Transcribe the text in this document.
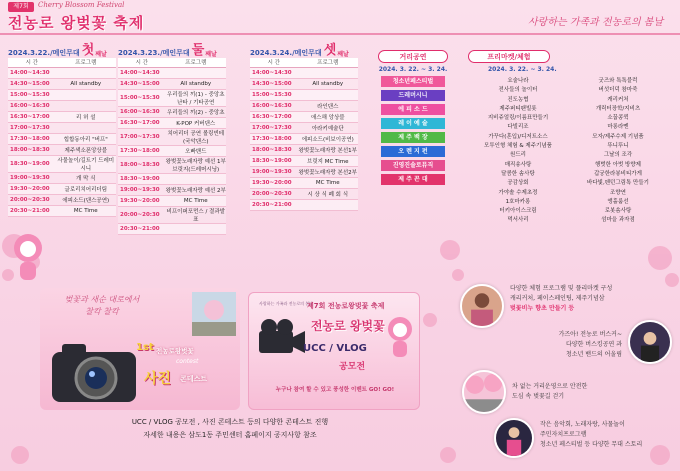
제7회	Cherry Blossom Festival
전농로 왕벚꽃 축제	사랑하는 가족과 전농로의 봄날
2024.3.22./메인무대 첫 째날
시 간	프로그램
14:00~14:30	
14:30~15:00	All standby
15:00~15:30	
16:00~16:30	
16:30~17:00	리 허 설
17:00~17:30	
17:30~18:00	힙합동아리 "버프"
18:00~18:30	제주색소폰앙상블
18:30~19:00	사물놀이/길트기 드레미시니
19:00~19:30	개 막 식
19:30~20:00	글로리치어리더팀
20:00~20:30	에피소드(댄스공연)
20:30~21:00	MC Time
2024.3.23./메인무대 둘 째날
시 간	프로그램
14:00~14:30	
14:30~15:00	All standby
15:00~15:30	우리들의 끼(1) - 중앙초 난타 / 기타공연
16:00~16:30	우리들의 끼(2) - 중앙초
16:30~17:00	K-POP 커버댄스
17:00~17:30	치어리더 공연 볼링빈테(국악댄스)
17:30~18:00	오빠밴드
18:00~18:30	왕벚꽃노래자랑 예선 1부 브릿지(드레머시닝)
18:30~19:00	
19:00~19:30	왕벚꽃노래자랑 예선 2부
19:30~20:00	MC Time
20:00~20:30	비프이퍼포먼스 / 결과발표
20:30~21:00	
2024.3.24./메인무대 셋 째날
시 간	프로그램
14:00~14:30	
14:30~15:00	All standby
15:00~15:30	
16:00~16:30	라인댄스
16:30~17:00	애스해 앙상블
17:00~17:30	아라키예술단
17:30~18:00	에피소드(비보이공연)
18:00~18:30	왕벚꽃노래자랑 본선1부
18:30~19:00	브릿지 MC Time
19:00~19:30	왕벚꽃노래자랑 본선2부
19:30~20:00	MC Time
20:00~20:30	시 상 식 폐 회 식
20:30~21:00	
거리공연
2024. 3. 22. ~ 3. 24.
청소년페스티벌
드레머시니
에 피 소 드
레 이 예 술
제 주 백 장
오 렌 지 펀
진영진솔로뮤직
제 주 꼰 대
프리마켓/체험
2024. 3. 22. ~ 3. 24.
요술나라
전사들의 놀이터
진도농협
제주퍼티팬빌롯
지비쥬얼링/이름표만들기
다빌리조
가꾸다(혼입)/디저트소스
모투인형 체험 & 제주기념품
원드리
매직송사탕
달콤한 솜사탕
공감상회
가야솔 수제초정
1호마카롱
터키아이스크림
먹서사리
굿즈와 톡톡블럭
버섯더덕 참마죽
캐리커처
개릭터장학/지비츠
소꿉콩퀵
마롱라멘
모자/제주수제 기념품
뚜니뚜니
그날의 조각
행벗한 아벗 방향제
갑궁한라봉비티가게
바다빛,펜던그림톡 만들기
조향연
앵홀룸선
로봇솜사탕
섬마을 과자점
벚꽃과 새순 대로에서
찰칵 찰칵
1st 전농로왕벚꽃
contest
사진 콘테스트
사랑하는 가족과 전농로의 봄날
제7회 전농로왕벚꽃 축제
전농로 왕벚꽃
UCC / VLOG
공모전
누구나 참여 할 수 있고 풍성한 이벤트 GO! GO!
UCC / VLOG 공모전 , 사진 콘테스트 등의 다양한 콘테스트 진행
자세한 내용은 삼도1동 주민센터 홈페이지 공지사항 참조
다양한 체험 프로그램 및 플리마켓 구성
캐리커처, 페이스페인팅, 제주기념삼
벚꽃비누 향초 만들기 등
가즈아! 전농로 버스커~
다양한 버스킹공연 과
청소년 밴드의 어울림
차 없는 거리운영으로 안전한
도심 속 벚꽃길 걷기
작은 음악회, 노래자랑, 사물놀이
주민자치프로그램
청소년 페스티벌 등 다양한 무대 스토리
